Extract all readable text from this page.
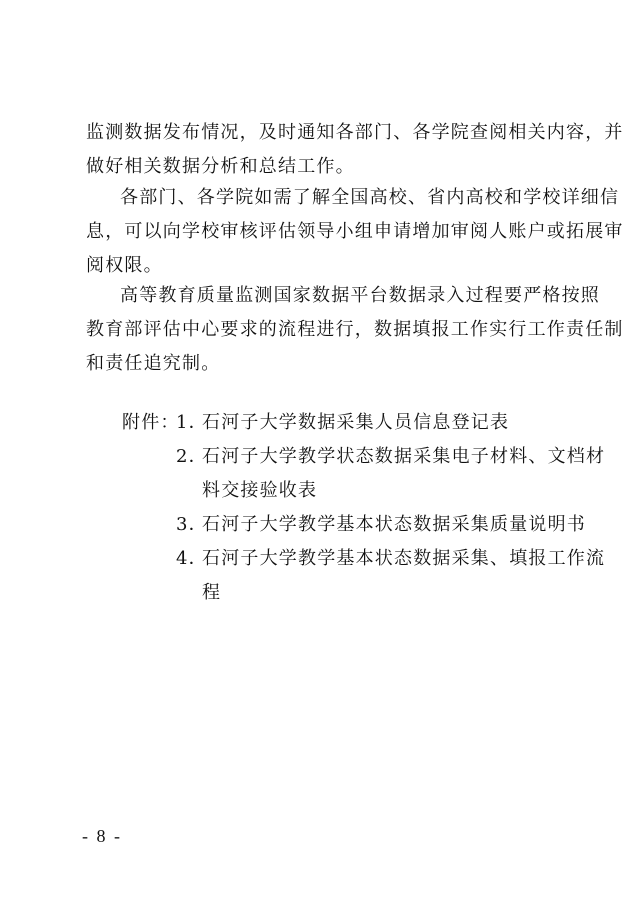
监测数据发布情况，及时通知各部门、各学院查阅相关内容，并
做好相关数据分析和总结工作。
各部门、各学院如需了解全国高校、省内高校和学校详细信
息，可以向学校审核评估领导小组申请增加审阅人账户或拓展审
阅权限。
高等教育质量监测国家数据平台数据录入过程要严格按照
教育部评估中心要求的流程进行，数据填报工作实行工作责任制
和责任追究制。
附件：
1．
石河子大学数据采集人员信息登记表
2．
石河子大学教学状态数据采集电子材料、文档材
料交接验收表
3．
石河子大学教学基本状态数据采集质量说明书
4．
石河子大学教学基本状态数据采集、填报工作流
程
- 8 -
